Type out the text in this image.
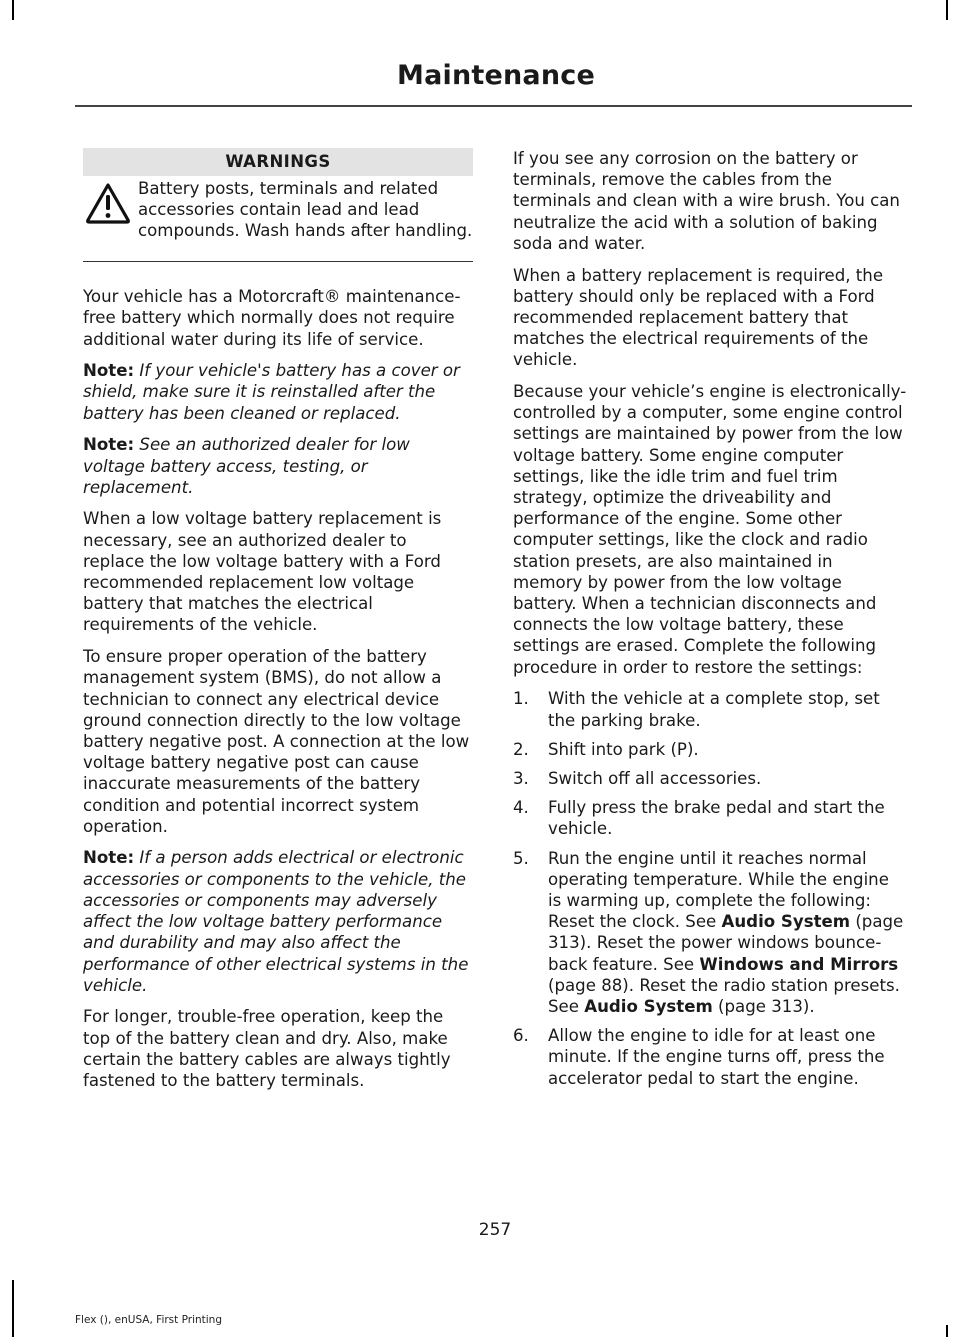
Maintenance
WARNINGS

Battery posts, terminals and related accessories contain lead and lead compounds. Wash hands after handling.

Your vehicle has a Motorcraft® maintenance-free battery which normally does not require additional water during its life of service.

Note: If your vehicle's battery has a cover or shield, make sure it is reinstalled after the battery has been cleaned or replaced.

Note: See an authorized dealer for low voltage battery access, testing, or replacement.

When a low voltage battery replacement is necessary, see an authorized dealer to replace the low voltage battery with a Ford recommended replacement low voltage battery that matches the electrical requirements of the vehicle.

To ensure proper operation of the battery management system (BMS), do not allow a technician to connect any electrical device ground connection directly to the low voltage battery negative post. A connection at the low voltage battery negative post can cause inaccurate measurements of the battery condition and potential incorrect system operation.

Note: If a person adds electrical or electronic accessories or components to the vehicle, the accessories or components may adversely affect the low voltage battery performance and durability and may also affect the performance of other electrical systems in the vehicle.

For longer, trouble-free operation, keep the top of the battery clean and dry. Also, make certain the battery cables are always tightly fastened to the battery terminals.

If you see any corrosion on the battery or terminals, remove the cables from the terminals and clean with a wire brush. You can neutralize the acid with a solution of baking soda and water.

When a battery replacement is required, the battery should only be replaced with a Ford recommended replacement battery that matches the electrical requirements of the vehicle.

Because your vehicle’s engine is electronically-controlled by a computer, some engine control settings are maintained by power from the low voltage battery. Some engine computer settings, like the idle trim and fuel trim strategy, optimize the driveability and performance of the engine. Some other computer settings, like the clock and radio station presets, are also maintained in memory by power from the low voltage battery. When a technician disconnects and connects the low voltage battery, these settings are erased. Complete the following procedure in order to restore the settings:

1. With the vehicle at a complete stop, set the parking brake.
2. Shift into park (P).
3. Switch off all accessories.
4. Fully press the brake pedal and start the vehicle.
5. Run the engine until it reaches normal operating temperature. While the engine is warming up, complete the following: Reset the clock. See Audio System (page 313). Reset the power windows bounce-back feature. See Windows and Mirrors (page 88). Reset the radio station presets. See Audio System (page 313).
6. Allow the engine to idle for at least one minute. If the engine turns off, press the accelerator pedal to start the engine.
257
Flex (), enUSA, First Printing
